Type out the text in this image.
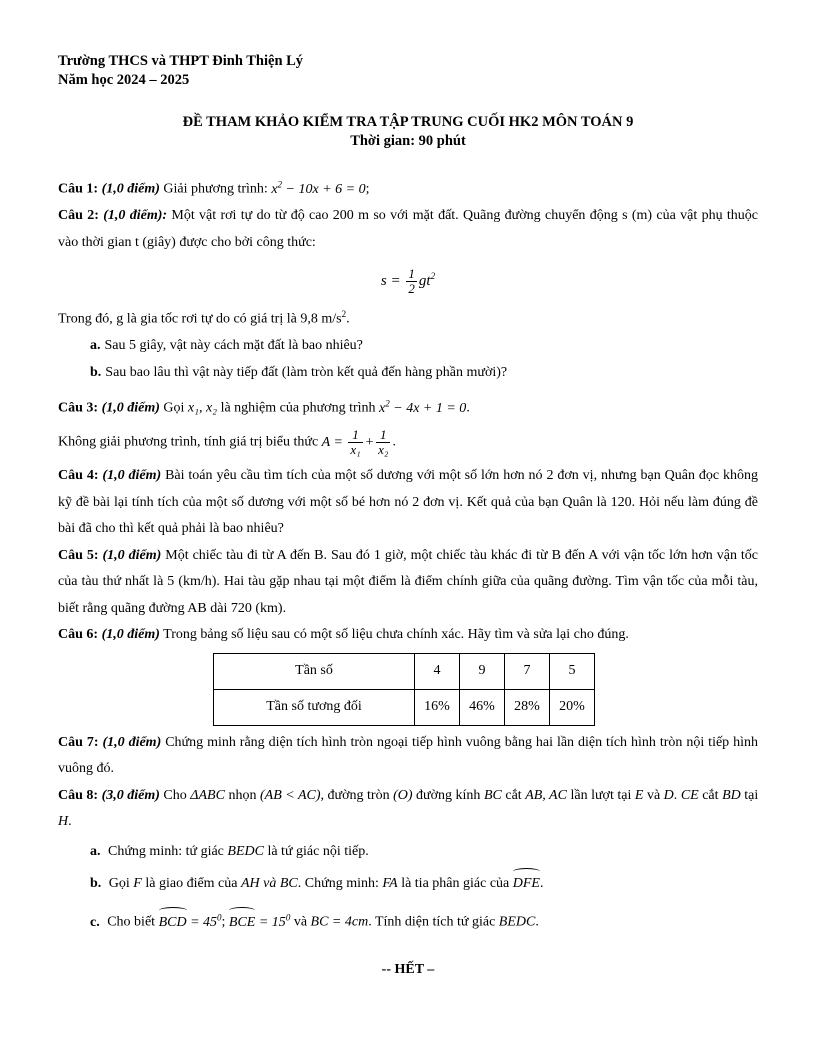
Trường THCS và THPT Đinh Thiện Lý
Năm học 2024 – 2025
ĐỀ THAM KHẢO KIỂM TRA TẬP TRUNG CUỐI HK2 MÔN TOÁN 9
Thời gian: 90 phút

Câu 1: (1,0 điểm) Giải phương trình: $x^2 - 10x + 6 = 0$;

Câu 2: (1,0 điểm): Một vật rơi tự do từ độ cao 200 m so với mặt đất. Quãng đường chuyển động s (m) của vật phụ thuộc vào thời gian t (giây) được cho bởi công thức:

$s = \frac{1}{2} gt^2$

Trong đó, g là gia tốc rơi tự do có giá trị là 9,8 $m/s^2$.

a. Sau 5 giây, vật này cách mặt đất là bao nhiêu?

b. Sau bao lâu thì vật này tiếp đất (làm tròn kết quả đến hàng phần mười)?

Câu 3: (1,0 điểm) Gọi x₁, x₂ là nghiệm của phương trình $x^2 - 4x + 1 = 0$.

Không giải phương trình, tính giá trị biểu thức $A = \frac{1}{\text{x₁}} + \frac{1}{\text{x₂}}$ .

Câu 4: (1,0 điểm) Bài toán yêu cầu tìm tích của một số dương với một số lớn hơn nó 2 đơn vị, nhưng bạn Quân đọc không kỹ đề bài lại tính tích của một số dương với một số bé hơn nó 2 đơn vị. Kết quả của bạn Quân là 120. Hỏi nếu làm đúng đề bài đã cho thì kết quả phải là bao nhiêu?

Câu 5: (1,0 điểm) Một chiếc tàu đi từ A đến B. Sau đó 1 giờ, một chiếc tàu khác đi từ B đến A với vận tốc lớn hơn vận tốc của tàu thứ nhất là 5 (km/h). Hai tàu gặp nhau tại một điểm là điểm chính giữa của quãng đường. Tìm vận tốc của mỗi tàu, biết rằng quãng đường AB dài 720 (km).

Câu 6: (1,0 điểm) Trong bảng số liệu sau có một số liệu chưa chính xác. Hãy tìm và sửa lại cho đúng.

Tần số	4	9	7	5
Tần số tương đối	16%	46%	28%	20%

Câu 7: (1,0 điểm) Chứng minh rằng diện tích hình tròn ngoại tiếp hình vuông bằng hai lần diện tích hình tròn nội tiếp hình vuông đó.

Câu 8: (3,0 điểm) Cho ΔABC nhọn (AB < AC), đường tròn (O) đường kính BC cắt AB, AC lần lượt tại E và D. CE cắt BD tại H.

a. Chứng minh: tứ giác BEDC là tứ giác nội tiếp.

b. Gọi F là giao điểm của AH và BC. Chứng minh: FA là tia phân giác của DFE.

c. Cho biết BCD = $45^0$; BCE = $15^0$ và BC = 4cm. Tính diện tích tứ giác BEDC.

-- HẾT –
